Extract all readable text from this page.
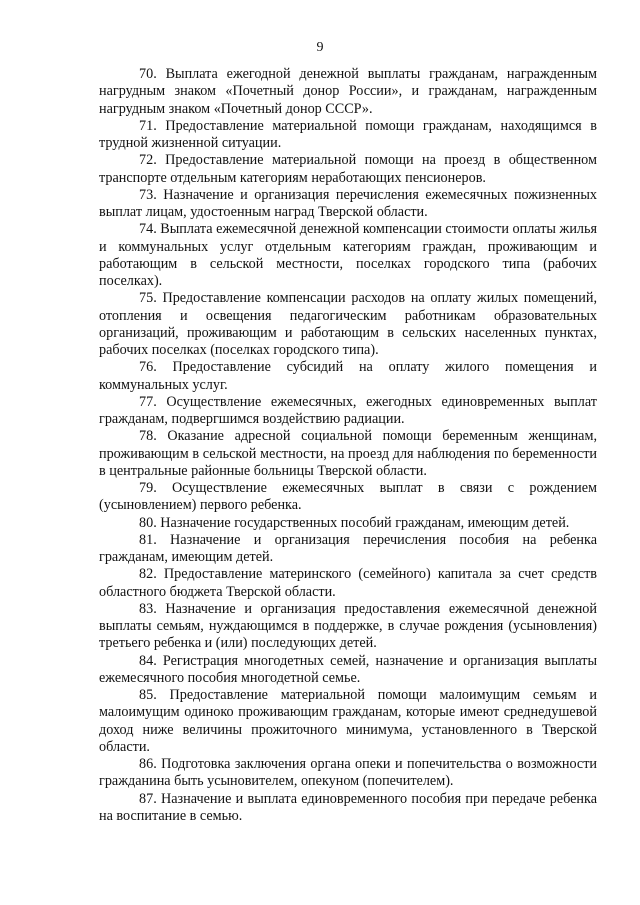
9

70. Выплата ежегодной денежной выплаты гражданам, награжденным нагрудным знаком «Почетный донор России», и гражданам, награжденным нагрудным знаком «Почетный донор СССР».

71. Предоставление материальной помощи гражданам, находящимся в трудной жизненной ситуации.

72. Предоставление материальной помощи на проезд в общественном транспорте отдельным категориям неработающих пенсионеров.

73. Назначение и организация перечисления ежемесячных пожизненных выплат лицам, удостоенным наград Тверской области.

74. Выплата ежемесячной денежной компенсации стоимости оплаты жилья и коммунальных услуг отдельным категориям граждан, проживающим и работающим в сельской местности, поселках городского типа (рабочих поселках).

75. Предоставление компенсации расходов на оплату жилых помещений, отопления и освещения педагогическим работникам образовательных организаций, проживающим и работающим в сельских населенных пунктах, рабочих поселках (поселках городского типа).

76. Предоставление субсидий на оплату жилого помещения и коммунальных услуг.

77. Осуществление ежемесячных, ежегодных единовременных выплат гражданам, подвергшимся воздействию радиации.

78. Оказание адресной социальной помощи беременным женщинам, проживающим в сельской местности, на проезд для наблюдения по беременности в центральные районные больницы Тверской области.

79. Осуществление ежемесячных выплат в связи с рождением (усыновлением) первого ребенка.

80. Назначение государственных пособий гражданам, имеющим детей.

81. Назначение и организация перечисления пособия на ребенка гражданам, имеющим детей.

82. Предоставление материнского (семейного) капитала за счет средств областного бюджета Тверской области.

83. Назначение и организация предоставления ежемесячной денежной выплаты семьям, нуждающимся в поддержке, в случае рождения (усыновления) третьего ребенка и (или) последующих детей.

84. Регистрация многодетных семей, назначение и организация выплаты ежемесячного пособия многодетной семье.

85. Предоставление материальной помощи малоимущим семьям и малоимущим одиноко проживающим гражданам, которые имеют среднедушевой доход ниже величины прожиточного минимума, установленного в Тверской области.

86. Подготовка заключения органа опеки и попечительства о возможности гражданина быть усыновителем, опекуном (попечителем).

87. Назначение и выплата единовременного пособия при передаче ребенка на воспитание в семью.
